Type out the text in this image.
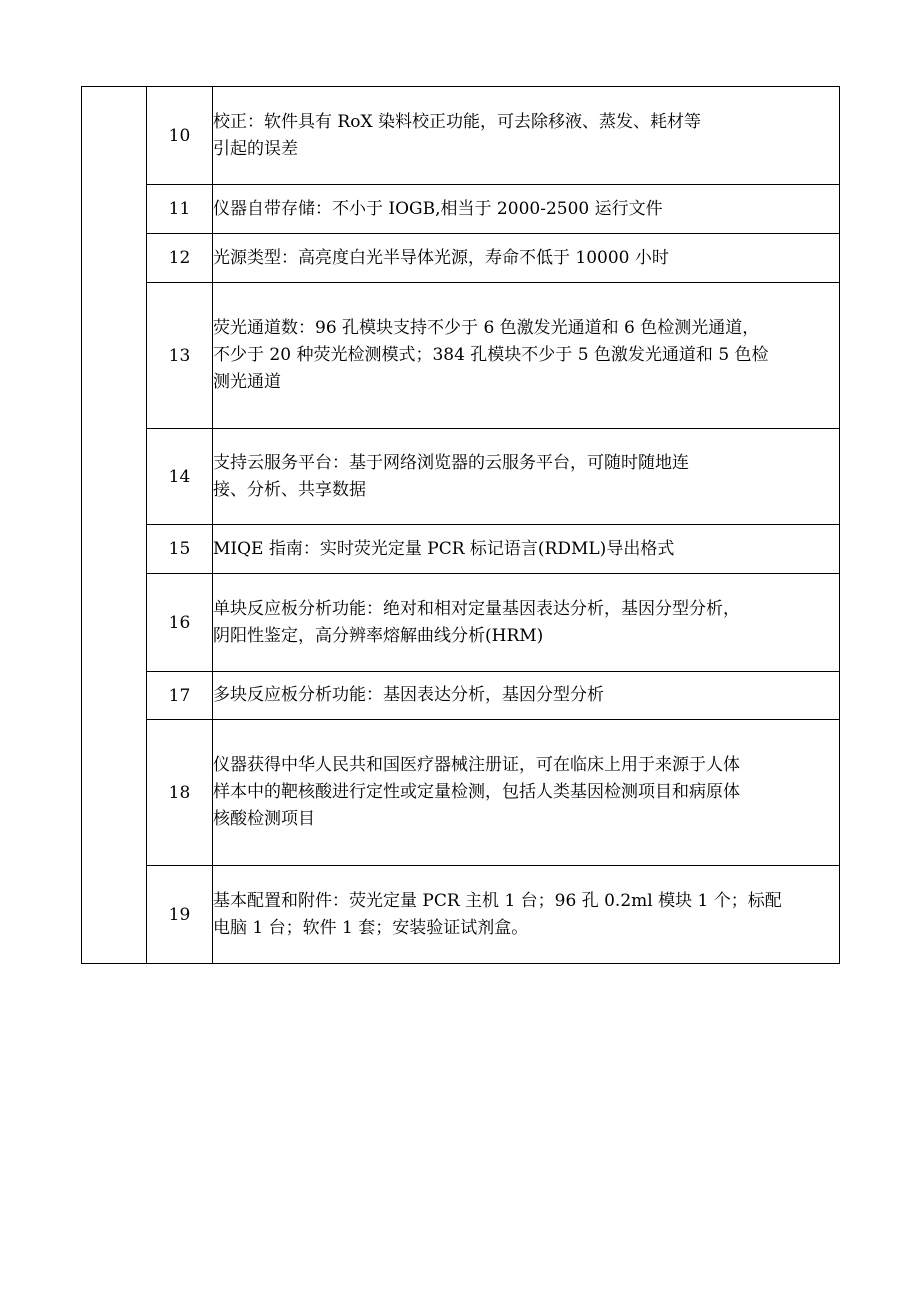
	10	校正：软件具有 RoX 染料校正功能，可去除移液、蒸发、耗材等
引起的误差

	11	仪器自带存储：不小于 IOGB,相当于 2000-2500 运行文件

	12	光源类型：高亮度白光半导体光源，寿命不低于 10000 小时

	13	荧光通道数：96 孔模块支持不少于 6 色激发光通道和 6 色检测光通道，
不少于 20 种荧光检测模式；384 孔模块不少于 5 色激发光通道和 5 色检
测光通道

	14	支持云服务平台：基于网络浏览器的云服务平台，可随时随地连
接、分析、共享数据

	15	MIQE 指南：实时荧光定量 PCR 标记语言(RDML)导出格式

	16	单块反应板分析功能：绝对和相对定量基因表达分析，基因分型分析，
阴阳性鉴定，高分辨率熔解曲线分析(HRM)

	17	多块反应板分析功能：基因表达分析，基因分型分析

	18	仪器获得中华人民共和国医疗器械注册证，可在临床上用于来源于人体
样本中的靶核酸进行定性或定量检测，包括人类基因检测项目和病原体
核酸检测项目

	19	基本配置和附件：荧光定量 PCR 主机 1 台；96 孔 0.2ml 模块 1 个；标配
电脑 1 台；软件 1 套；安装验证试剂盒。
